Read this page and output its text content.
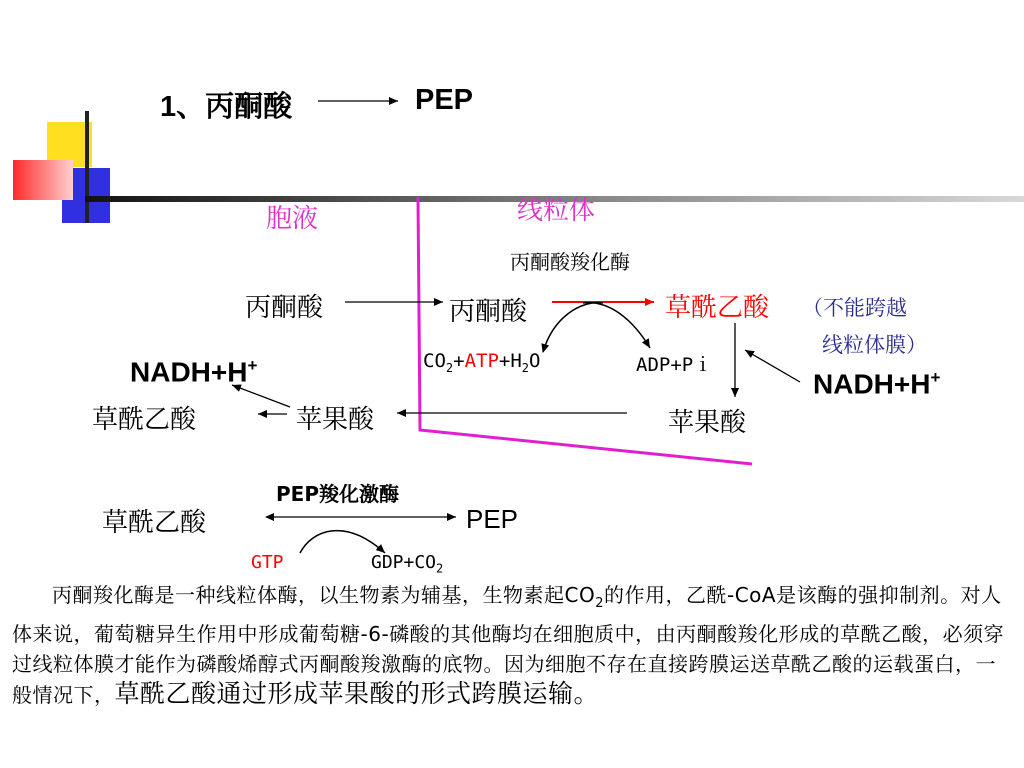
1、丙酮酸	PEP
胞液	线粒体
丙酮酸羧化酶
PEP羧化激酶
丙酮酸	丙酮酸	草酰乙酸 （不能跨越
线粒体膜）
NADH+H+
NADH+H+
草酰乙酸	苹果酸	苹果酸
草酰乙酸	PEP
$CO_2+ATP+H_2O$	ADP+Pｉ
GTP	$GDP+CO_2$
丙酮羧化酶是一种线粒体酶，以生物素为辅基，生物素起$CO_2$的作用，乙酰-CoA是该酶的强抑制剂。对人体来说，葡萄糖异生作用中形成葡萄糖-6-磷酸的其他酶均在细胞质中，由丙酮酸羧化形成的草酰乙酸，必须穿过线粒体膜才能作为磷酸烯醇式丙酮酸羧激酶的底物。因为细胞不存在直接跨膜运送草酰乙酸的运载蛋白，一般情况下，草酰乙酸通过形成苹果酸的形式跨膜运输。
